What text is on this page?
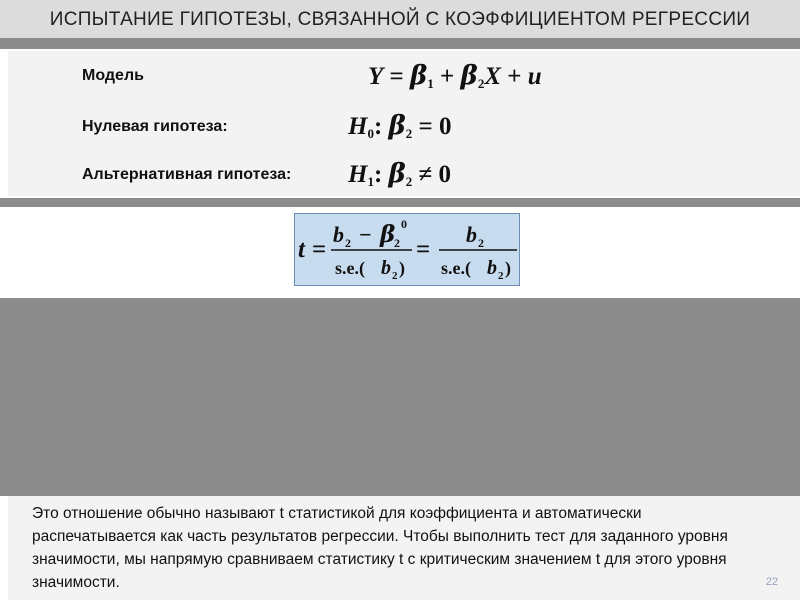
ИСПЫТАНИЕ ГИПОТЕЗЫ, СВЯЗАННОЙ С КОЭФФИЦИЕНТОМ РЕГРЕССИИ
Модель	$Y = \beta_1 + \beta_2X + u$
Нулевая гипотеза:	$H_0$: $\beta_2 = 0$
Альтернативная гипотеза: $H_1$: $\beta_2 \ne 0$
t =
b 2 − β
2
0
s.e.( b 2 )
=
b 2
s.e.( b 2 )
Это отношение обычно называют t статистикой для коэффициента и автоматически распечатывается как часть результатов регрессии. Чтобы выполнить тест для заданного уровня значимости, мы напрямую сравниваем статистику t с критическим значением t для этого уровня значимости.	22
